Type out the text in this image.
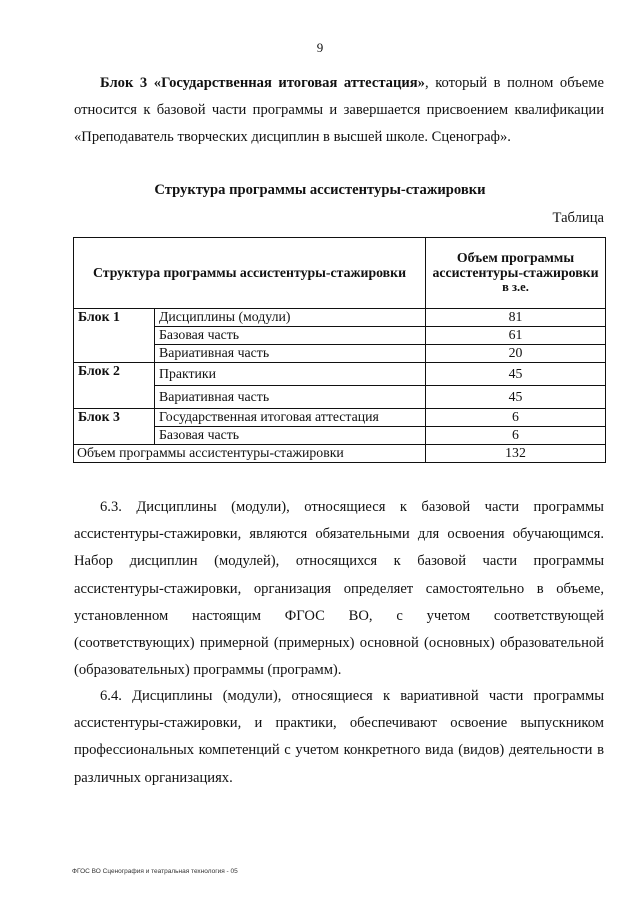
9
Блок 3 «Государственная итоговая аттестация», который в полном объеме относится к базовой части программы и завершается присвоением квалификации «Преподаватель творческих дисциплин в высшей школе. Сценограф».
Структура программы ассистентуры-стажировки
Таблица
Структура программы ассистентуры-стажировки		Объем программы ассистентуры-стажировки
в з.е.

Блок 1	Дисциплины (модули)	81
	Базовая часть	61
	Вариативная часть	20
Блок 2	Практики	45
	Вариативная часть	45
Блок 3	Государственная итоговая аттестация	6
	Базовая часть	6
Объем программы ассистентуры-стажировки		132
6.3. Дисциплины (модули), относящиеся к базовой части программы ассистентуры-стажировки, являются обязательными для освоения обучающимся. Набор дисциплин (модулей), относящихся к базовой части программы ассистентуры-стажировки, организация определяет самостоятельно в объеме, установленном настоящим ФГОС ВО, с учетом соответствующей (соответствующих) примерной (примерных) основной (основных) образовательной (образовательных) программы (программ).
6.4. Дисциплины (модули), относящиеся к вариативной части программы ассистентуры-стажировки, и практики, обеспечивают освоение выпускником профессиональных компетенций с учетом конкретного вида (видов) деятельности в различных организациях.
ФГОС ВО Сценография и театральная технология - 05
